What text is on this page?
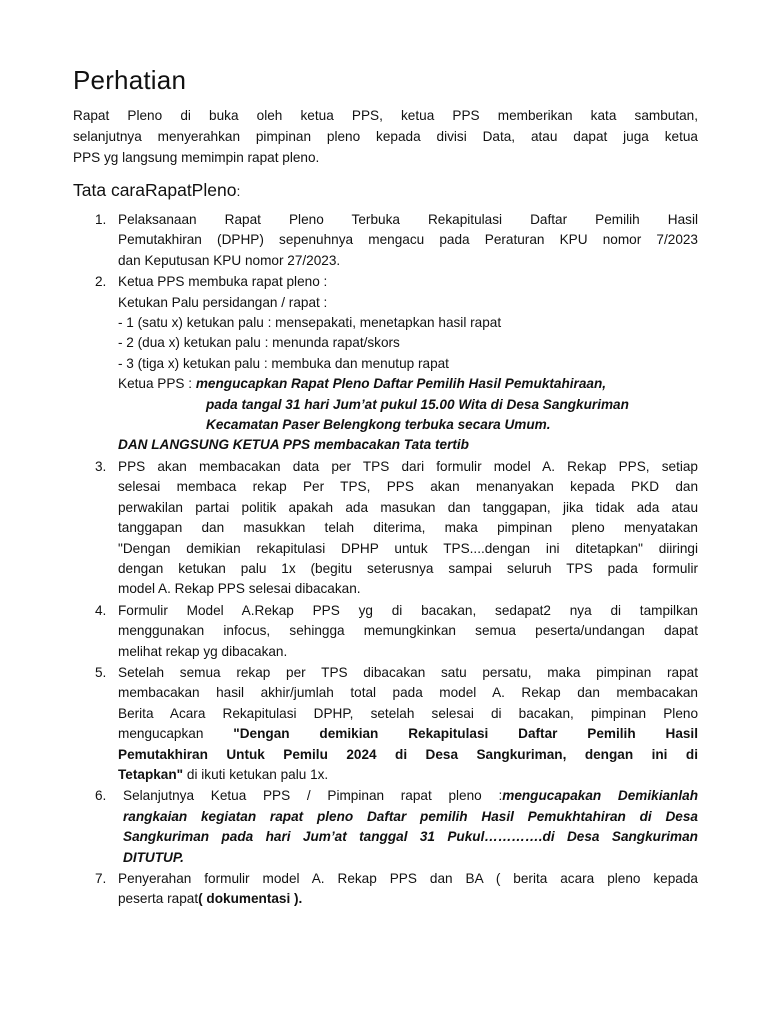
Perhatian

Rapat Pleno di buka oleh ketua PPS, ketua PPS memberikan kata sambutan,
selanjutnya menyerahkan pimpinan pleno kepada divisi Data, atau dapat juga ketua
PPS yg langsung memimpin rapat pleno.

Tata caraRapatPleno:
1. Pelaksanaan Rapat Pleno Terbuka Rekapitulasi Daftar Pemilih Hasil
Pemutakhiran (DPHP) sepenuhnya mengacu pada Peraturan KPU nomor 7/2023
dan Keputusan KPU nomor 27/2023.
2. Ketua PPS membuka rapat pleno :
Ketukan Palu persidangan / rapat :
- 1 (satu x) ketukan palu : mensepakati, menetapkan hasil rapat
- 2 (dua x) ketukan palu : menunda rapat/skors
- 3 (tiga x) ketukan palu : membuka dan menutup rapat
Ketua PPS : mengucapkan Rapat Pleno Daftar Pemilih Hasil Pemuktahiraan,
pada tangal 31 hari Jum’at pukul 15.00 Wita di Desa Sangkuriman
Kecamatan Paser Belengkong terbuka secara Umum.
DAN LANGSUNG KETUA PPS membacakan Tata tertib
3. PPS akan membacakan data per TPS dari formulir model A. Rekap PPS, setiap
selesai membaca rekap Per TPS, PPS akan menanyakan kepada PKD dan
perwakilan partai politik apakah ada masukan dan tanggapan, jika tidak ada atau
tanggapan dan masukkan telah diterima, maka pimpinan pleno menyatakan
"Dengan demikian rekapitulasi DPHP untuk TPS....dengan ini ditetapkan" diiringi
dengan ketukan palu 1x (begitu seterusnya sampai seluruh TPS pada formulir
model A. Rekap PPS selesai dibacakan.
4. Formulir Model A.Rekap PPS yg di bacakan, sedapat2 nya di tampilkan
menggunakan infocus, sehingga memungkinkan semua peserta/undangan dapat
melihat rekap yg dibacakan.
5. Setelah semua rekap per TPS dibacakan satu persatu, maka pimpinan rapat
membacakan hasil akhir/jumlah total pada model A. Rekap dan membacakan
Berita Acara Rekapitulasi DPHP, setelah selesai di bacakan, pimpinan Pleno
mengucapkan "Dengan demikian Rekapitulasi Daftar Pemilih Hasil
Pemutakhiran Untuk Pemilu 2024 di Desa Sangkuriman, dengan ini di
Tetapkan" di ikuti ketukan palu 1x.
6. Selanjutnya Ketua PPS / Pimpinan rapat pleno :mengucapakan Demikianlah
rangkaian kegiatan rapat pleno Daftar pemilih Hasil Pemukhtahiran di Desa
Sangkuriman pada hari Jum’at tanggal 31 Pukul………….di Desa Sangkuriman
DITUTUP.
7. Penyerahan formulir model A. Rekap PPS dan BA ( berita acara pleno kepada
peserta rapat( dokumentasi ).
